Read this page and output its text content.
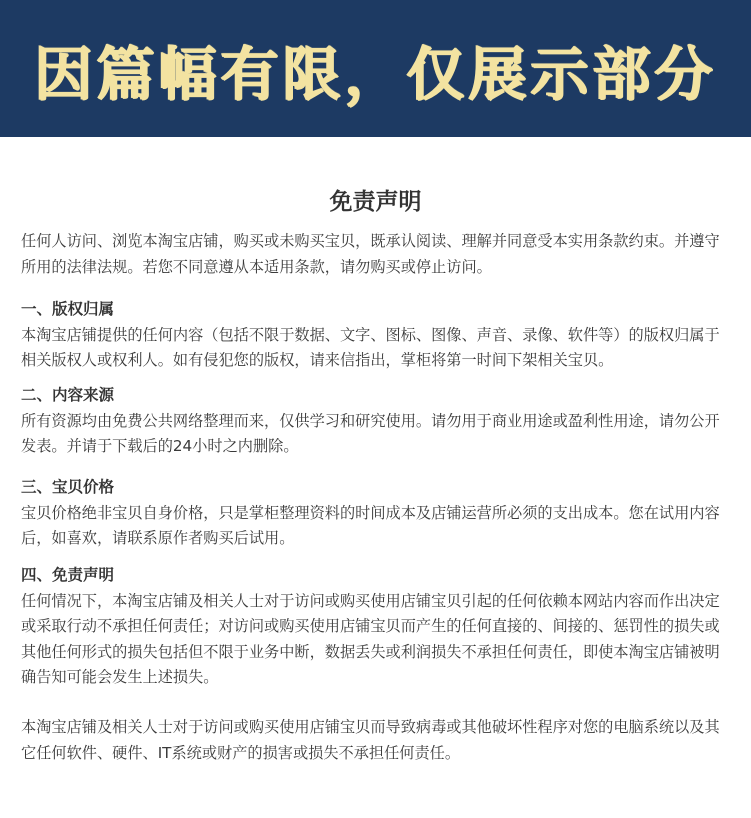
因篇幅有限，仅展示部分
免责声明

任何人访问、浏览本淘宝店铺，购买或未购买宝贝，既承认阅读、理解并同意受本实用条款约束。并遵守所用的法律法规。若您不同意遵从本适用条款，请勿购买或停止访问。

一、版权归属

本淘宝店铺提供的任何内容（包括不限于数据、文字、图标、图像、声音、录像、软件等）的版权归属于相关版权人或权利人。如有侵犯您的版权，请来信指出，掌柜将第一时间下架相关宝贝。

二、内容来源

所有资源均由免费公共网络整理而来，仅供学习和研究使用。请勿用于商业用途或盈利性用途，请勿公开发表。并请于下载后的24小时之内删除。

三、宝贝价格

宝贝价格绝非宝贝自身价格，只是掌柜整理资料的时间成本及店铺运营所必须的支出成本。您在试用内容后，如喜欢，请联系原作者购买后试用。

四、免责声明

任何情况下，本淘宝店铺及相关人士对于访问或购买使用店铺宝贝引起的任何依赖本网站内容而作出决定或采取行动不承担任何责任；对访问或购买使用店铺宝贝而产生的任何直接的、间接的、惩罚性的损失或其他任何形式的损失包括但不限于业务中断，数据丢失或利润损失不承担任何责任，即使本淘宝店铺被明确告知可能会发生上述损失。

本淘宝店铺及相关人士对于访问或购买使用店铺宝贝而导致病毒或其他破坏性程序对您的电脑系统以及其它任何软件、硬件、IT系统或财产的损害或损失不承担任何责任。
